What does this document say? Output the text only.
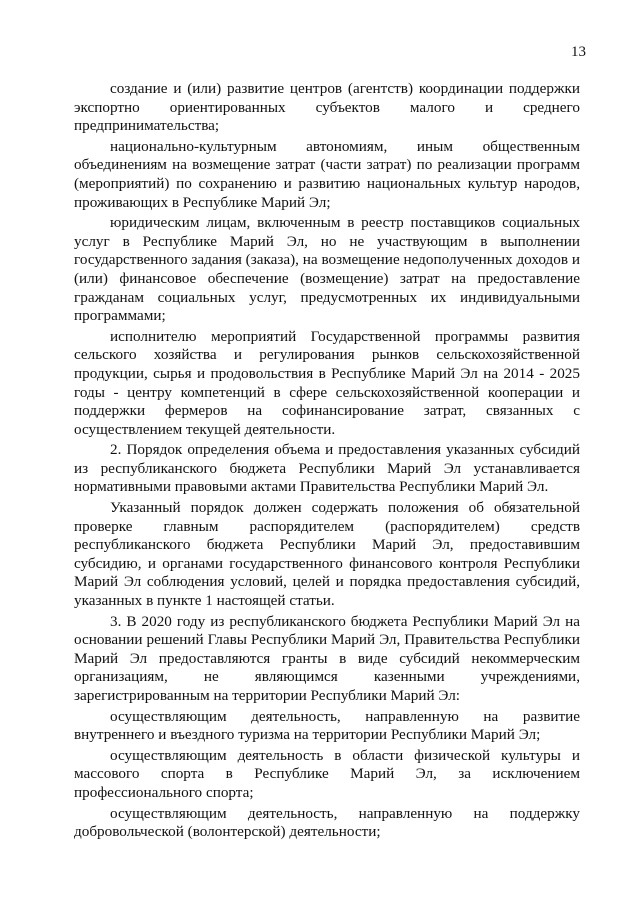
13

создание и (или) развитие центров (агентств) координации поддержки экспортно ориентированных субъектов малого и среднего предпринимательства;

национально-культурным автономиям, иным общественным объединениям на возмещение затрат (части затрат) по реализации программ (мероприятий) по сохранению и развитию национальных культур народов, проживающих в Республике Марий Эл;

юридическим лицам, включенным в реестр поставщиков социальных услуг в Республике Марий Эл, но не участвующим в выполнении государственного задания (заказа), на возмещение недополученных доходов и (или) финансовое обеспечение (возмещение) затрат на предоставление гражданам социальных услуг, предусмотренных их индивидуальными программами;

исполнителю мероприятий Государственной программы развития сельского хозяйства и регулирования рынков сельскохозяйственной продукции, сырья и продовольствия в Республике Марий Эл на 2014 - 2025 годы - центру компетенций в сфере сельскохозяйственной кооперации и поддержки фермеров на софинансирование затрат, связанных с осуществлением текущей деятельности.

2. Порядок определения объема и предоставления указанных субсидий из республиканского бюджета Республики Марий Эл устанавливается нормативными правовыми актами Правительства Республики Марий Эл.

Указанный порядок должен содержать положения об обязательной проверке главным распорядителем (распорядителем) средств республиканского бюджета Республики Марий Эл, предоставившим субсидию, и органами государственного финансового контроля Республики Марий Эл соблюдения условий, целей и порядка предоставления субсидий, указанных в пункте 1 настоящей статьи.

3. В 2020 году из республиканского бюджета Республики Марий Эл на основании решений Главы Республики Марий Эл, Правительства Республики Марий Эл предоставляются гранты в виде субсидий некоммерческим организациям, не являющимся казенными учреждениями, зарегистрированным на территории Республики Марий Эл:

осуществляющим деятельность, направленную на развитие внутреннего и въездного туризма на территории Республики Марий Эл;

осуществляющим деятельность в области физической культуры и массового спорта в Республике Марий Эл, за исключением профессионального спорта;

осуществляющим деятельность, направленную на поддержку добровольческой (волонтерской) деятельности;
